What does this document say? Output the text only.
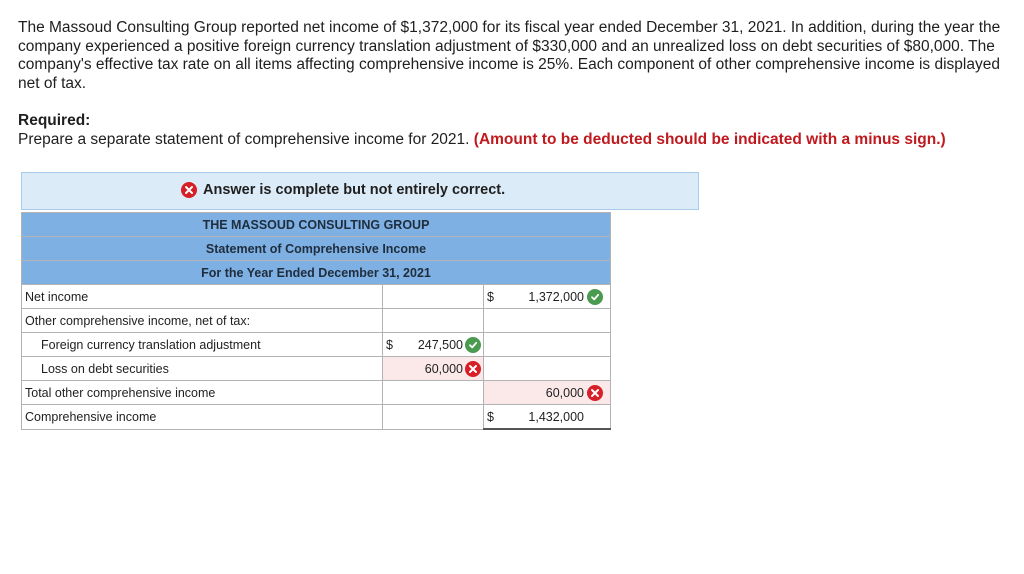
The Massoud Consulting Group reported net income of $1,372,000 for its fiscal year ended December 31, 2021. In addition, during the year the company experienced a positive foreign currency translation adjustment of $330,000 and an unrealized loss on debt securities of $80,000. The company's effective tax rate on all items affecting comprehensive income is 25%. Each component of other comprehensive income is displayed net of tax.
Required:
Prepare a separate statement of comprehensive income for 2021. (Amount to be deducted should be indicated with a minus sign.)
Answer is complete but not entirely correct.
THE MASSOUD CONSULTING GROUP		
Statement of Comprehensive Income		
For the Year Ended December 31, 2021		
Net income		$ 1,372,000

Other comprehensive income, net of tax:		
Foreign currency translation adjustment	$ 247,500	

Loss on debt securities	60,000	

Total other comprehensive income		60,000

Comprehensive income		$ 1,432,000
